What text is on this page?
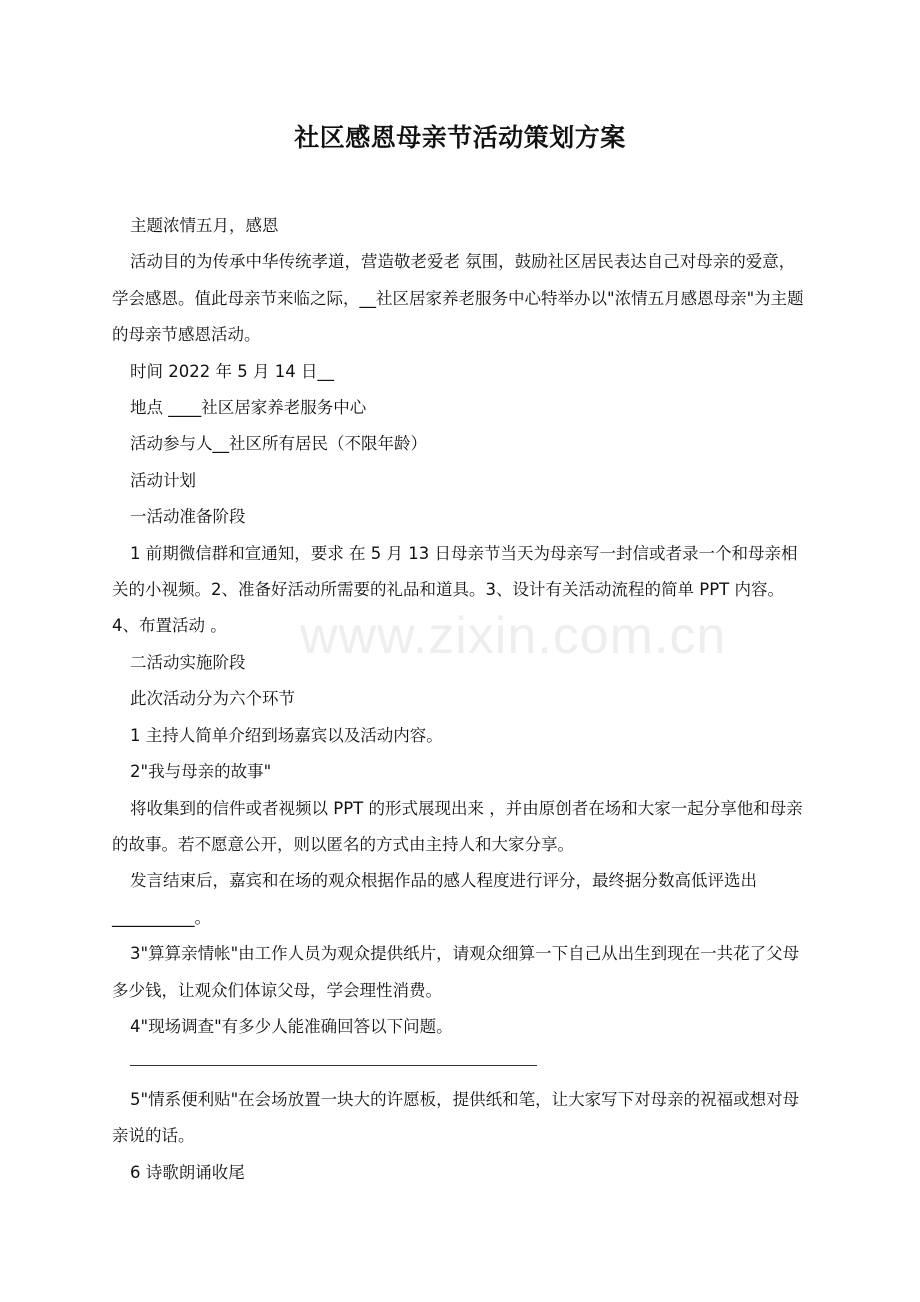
社区感恩母亲节活动策划方案

主题浓情五月，感恩

活动目的为传承中华传统孝道，营造敬老爱老 氛围，鼓励社区居民表达自己对母亲的爱意，学会感恩。值此母亲节来临之际，__社区居家养老服务中心特举办以"浓情五月感恩母亲"为主题的母亲节感恩活动。

时间 2022 年 5 月 14 日__

地点 ____社区居家养老服务中心

活动参与人__社区所有居民（不限年龄）

活动计划

一活动准备阶段

1 前期微信群和宣通知，要求 在 5 月 13 日母亲节当天为母亲写一封信或者录一个和母亲相关的小视频。2、准备好活动所需要的礼品和道具。3、设计有关活动流程的简单 PPT 内容。4、布置活动 。

二活动实施阶段

此次活动分为六个环节

1 主持人简单介绍到场嘉宾以及活动内容。

2"我与母亲的故事"

将收集到的信件或者视频以 PPT 的形式展现出来 ，并由原创者在场和大家一起分享他和母亲的故事。若不愿意公开，则以匿名的方式由主持人和大家分享。

发言结束后，嘉宾和在场的观众根据作品的感人程度进行评分，最终据分数高低评选出__________。

3"算算亲情帐"由工作人员为观众提供纸片，请观众细算一下自己从出生到现在一共花了父母多少钱，让观众们体谅父母，学会理性消费。

4"现场调查"有多少人能准确回答以下问题。

5"情系便利贴"在会场放置一块大的许愿板，提供纸和笔，让大家写下对母亲的祝福或想对母亲说的话。

6 诗歌朗诵收尾

www.zixin.com.cn
